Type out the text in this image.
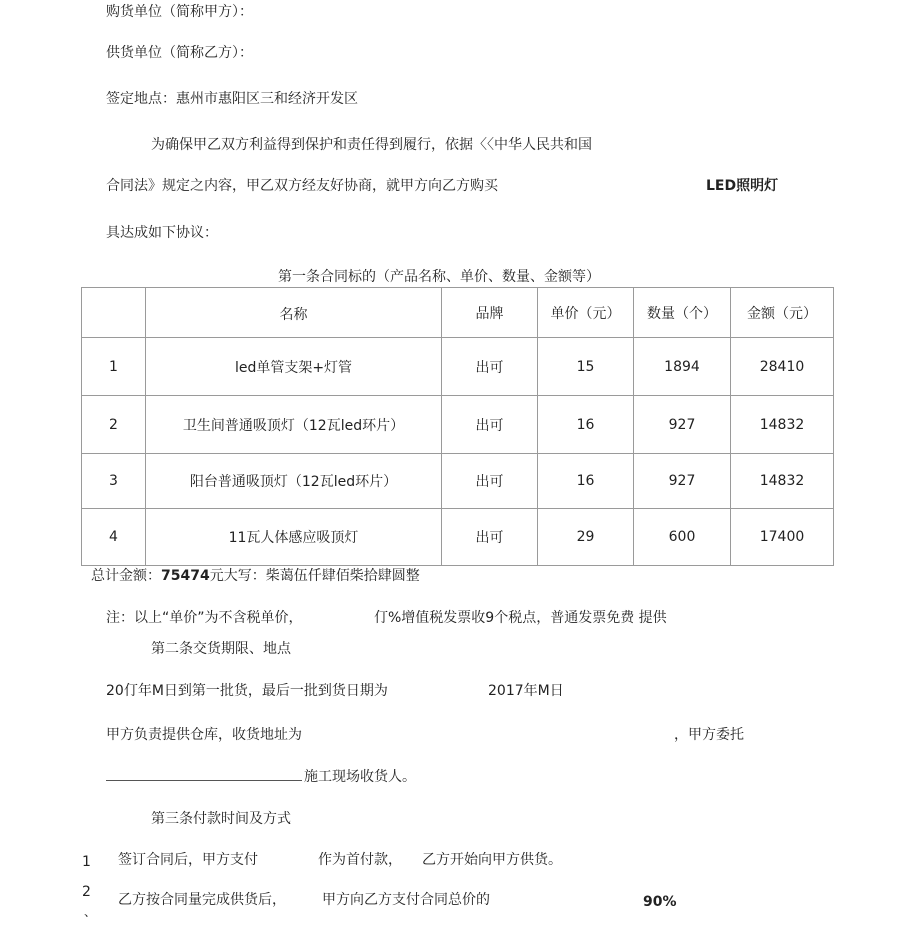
购货单位（简称甲方）：
供货单位（简称乙方）：
签定地点：惠州市惠阳区三和经济开发区
为确保甲乙双方利益得到保护和责任得到履行，依据〈〈中华人民共和国
合同法》规定之内容，甲乙双方经友好协商，就甲方向乙方购买	LED照明灯
具达成如下协议：
第一条合同标的（产品名称、单价、数量、金额等）
	名称	品牌	单价（元）	数量（个）	金额（元）
1	led单管支架+灯管	出可	15	1894	28410
2	卫生间普通吸顶灯（12瓦led环片）	出可	16	927	14832
3	阳台普通吸顶灯（12瓦led环片）	出可	16	927	14832
4	11瓦人体感应吸顶灯	出可	29	600	17400
总计金额：75474元大写：柴蔼伍仟肆佰柴拾肆圆整
注：以上“单价”为不含税单价，	仃%增值税发票收9个税点，普通发票免费 提供
第二条交货期限、地点
20仃年M日到第一批货，最后一批到货日期为	2017年M日
甲方负责提供仓库，收货地址为	，甲方委托
施工现场收货人。
第三条付款时间及方式
1 签订合同后，甲方支付	作为首付款， 乙方开始向甲方供货。
2
、
乙方按合同量完成供货后，	甲方向乙方支付合同总价的	90%
